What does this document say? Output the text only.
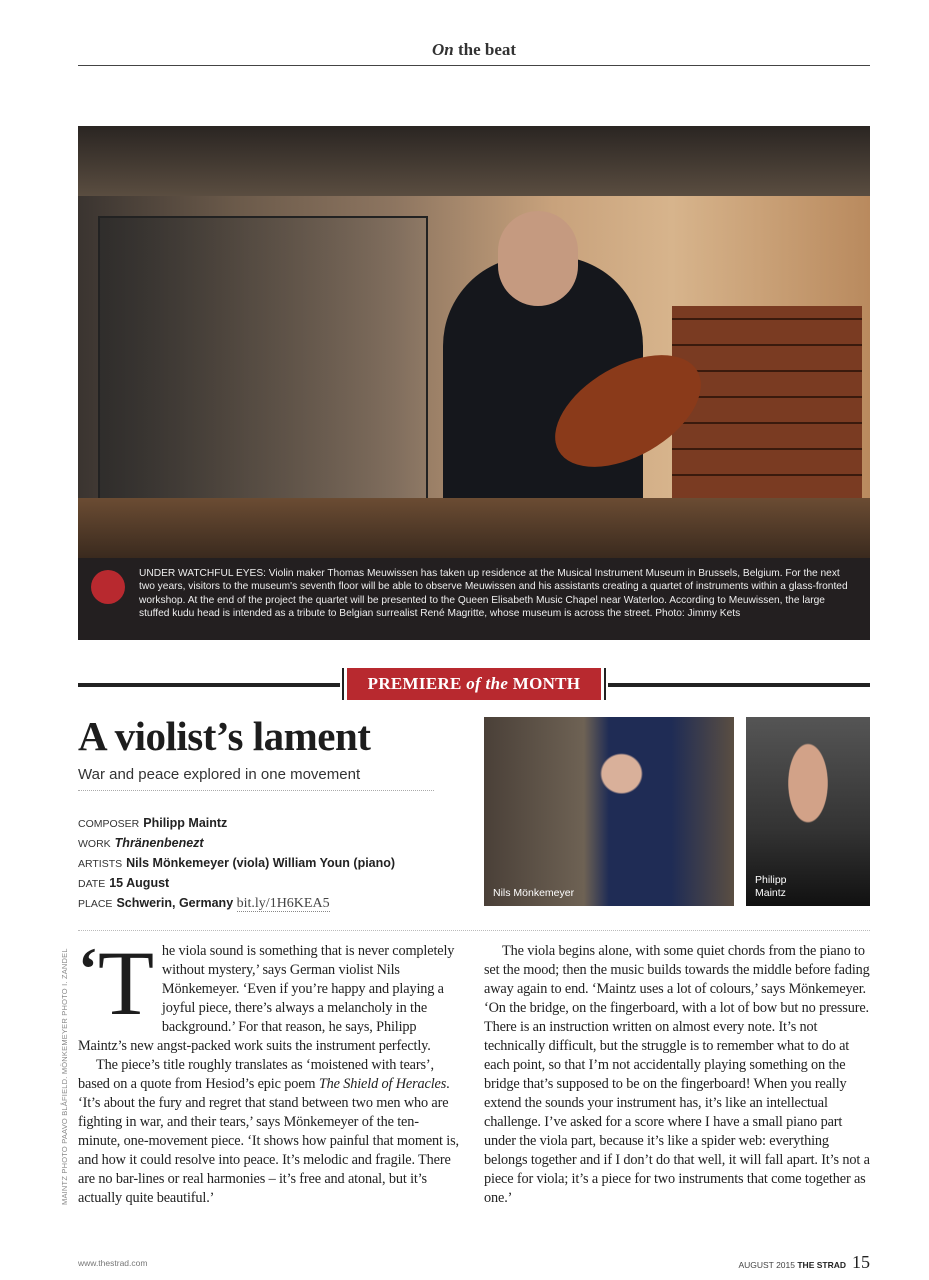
On the beat
UNDER WATCHFUL EYES: Violin maker Thomas Meuwissen has taken up residence at the Musical Instrument Museum in Brussels, Belgium. For the next two years, visitors to the museum's seventh floor will be able to observe Meuwissen and his assistants creating a quartet of instruments within a glass-fronted workshop. At the end of the project the quartet will be presented to the Queen Elisabeth Music Chapel near Waterloo. According to Meuwissen, the large stuffed kudu head is intended as a tribute to Belgian surrealist René Magritte, whose museum is across the street. Photo: Jimmy Kets
PREMIERE of the MONTH
A violist’s lament
War and peace explored in one movement
COMPOSER Philipp Maintz
WORK Thränenbenezt
ARTISTS Nils Mönkemeyer (viola) William Youn (piano)
DATE 15 August
PLACE Schwerin, Germany bit.ly/1H6KEA5
Nils Mönkemeyer
Philipp Maintz
MAINTZ PHOTO PAAVO BLÅFIELD. MÖNKEMEYER PHOTO I. ZANDEL ‘T he viola sound is something that is never completely without mystery,’ says German violist Nils Mönkemeyer. ‘Even if you’re happy and playing a joyful piece, there’s always a melancholy in the background.’ For that reason, he says, Philipp Maintz’s new angst-packed work suits the instrument perfectly.

The piece’s title roughly translates as ‘moistened with tears’, based on a quote from Hesiod’s epic poem The Shield of Heracles. ‘It’s about the fury and regret that stand between two men who are fighting in war, and their tears,’ says Mönkemeyer of the ten-minute, one-movement piece. ‘It shows how painful that moment is, and how it could resolve into peace. It’s melodic and fragile. There are no bar-lines or real harmonies – it’s free and atonal, but it’s actually quite beautiful.’

The viola begins alone, with some quiet chords from the piano to set the mood; then the music builds towards the middle before fading away again to end. ‘Maintz uses a lot of colours,’ says Mönkemeyer. ‘On the bridge, on the fingerboard, with a lot of bow but no pressure. There is an instruction written on almost every note. It’s not technically difficult, but the struggle is to remember what to do at each point, so that I’m not accidentally playing something on the bridge that’s supposed to be on the fingerboard! When you really extend the sounds your instrument has, it’s like an intellectual challenge. I’ve asked for a score where I have a small piano part under the viola part, because it’s like a spider web: everything belongs together and if I don’t do that well, it will fall apart. It’s not a piece for viola; it’s a piece for two instruments that come together as one.’

www.thestrad.com	AUGUST 2015 THE STRAD 15
